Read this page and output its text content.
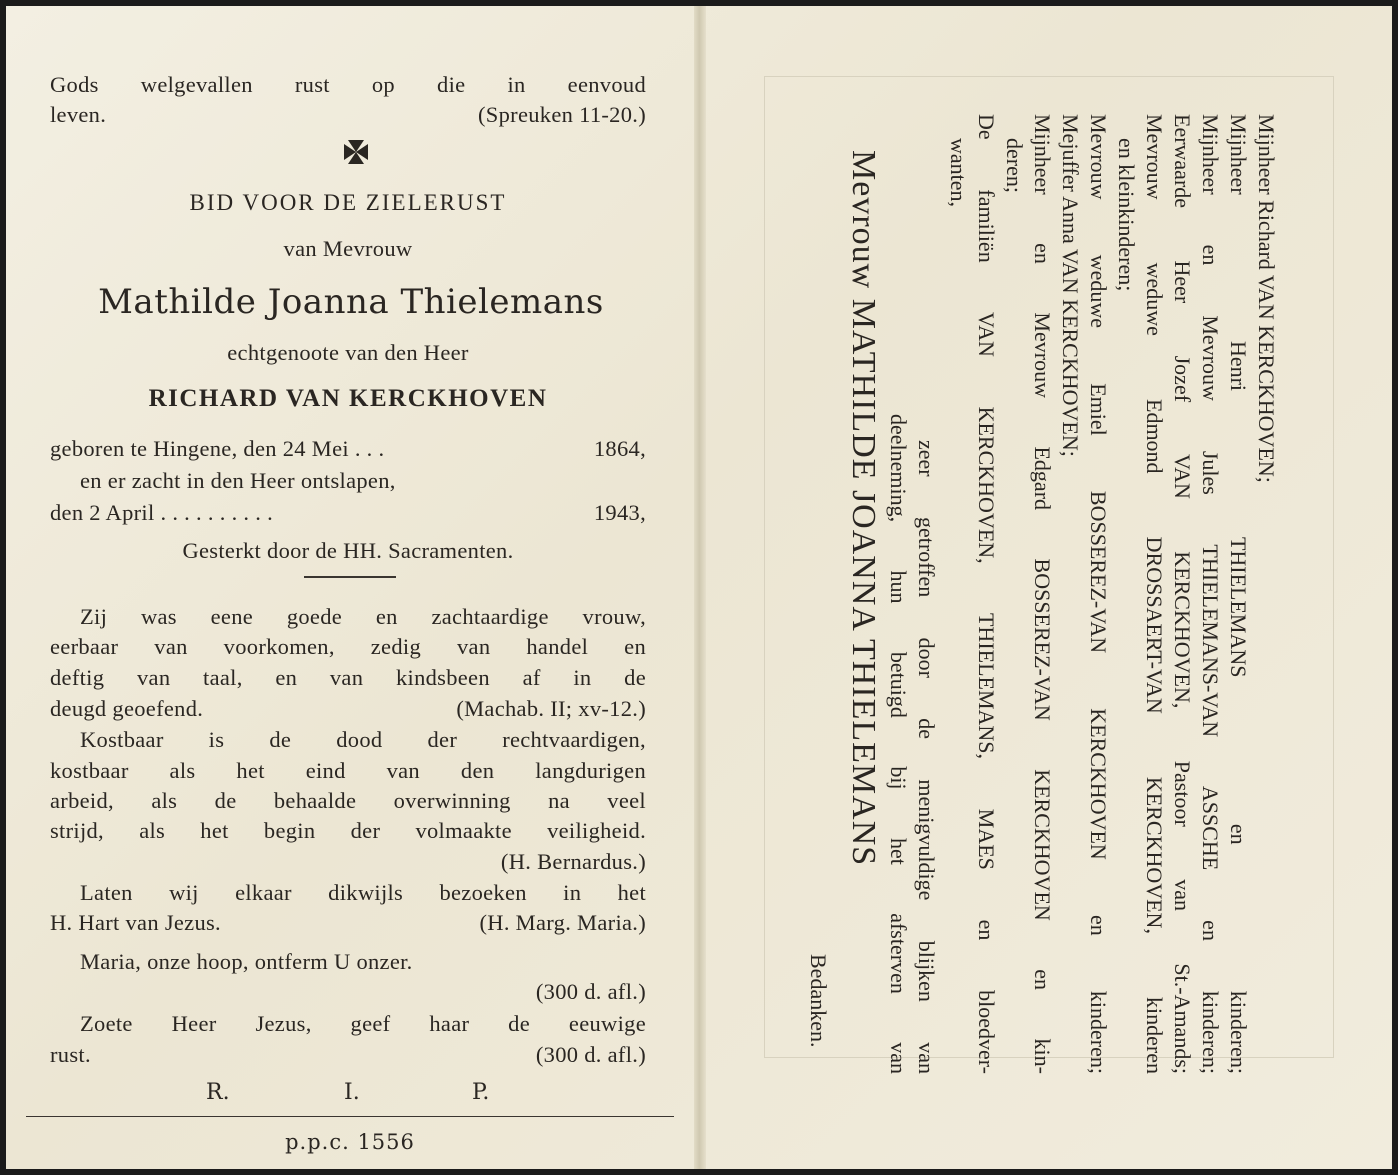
Gods welgevallen rust op die in eenvoud
leven.	(Spreuken 11-20.)
BID VOOR DE ZIELERUST
van Mevrouw
Mathilde Joanna Thielemans
echtgenoote van den Heer
RICHARD VAN KERCKHOVEN
geboren te Hingene, den 24 Mei . . .	1864,
en er zacht in den Heer ontslapen,
den 2 April . . . . . . . . . .	1943,
Gesterkt door de HH. Sacramenten.
Zij was eene goede en zachtaardige vrouw,
eerbaar van voorkomen, zedig van handel en
deftig van taal, en van kindsbeen af in de
deugd geoefend.	(Machab. II; xv-12.)
Kostbaar is de dood der rechtvaardigen,
kostbaar als het eind van den langdurigen
arbeid, als de behaalde overwinning na veel
strijd, als het begin der volmaakte veiligheid.
(H. Bernardus.)
Laten wij elkaar dikwijls bezoeken in het
H. Hart van Jezus.	(H. Marg. Maria.)
Maria, onze hoop, ontferm U onzer.
(300 d. afl.)
Zoete Heer Jezus, geef haar de eeuwige
rust.	(300 d. afl.)
R.	I.	P.
p.p.c. 1556
Mijnheer Richard VAN KERCKHOVEN;
Mijnheer Henri THIELEMANS en kinderen;
Mijnheer en Mevrouw Jules THIELEMANS-VAN ASSCHE en kinderen;
Eerwaarde Heer Jozef VAN KERCKHOVEN, Pastoor van St.-Amands;
Mevrouw weduwe Edmond DROSSAERT-VAN KERCKHOVEN, kinderen
en kleinkinderen;
Mevrouw weduwe Emiel BOSSEREZ-VAN KERCKHOVEN en kinderen;
Mejuffer Anna VAN KERCKHOVEN;
Mijnheer en Mevrouw Edgard BOSSEREZ-VAN KERCKHOVEN en kin-
deren;
De familiën VAN KERCKHOVEN, THIELEMANS, MAES en bloedver-
wanten,
zeer getroffen door de menigvuldige blijken van
deelneming, hun betuigd bij het afsterven van
Mevrouw MATHILDE JOANNA THIELEMANS
Bedanken.
